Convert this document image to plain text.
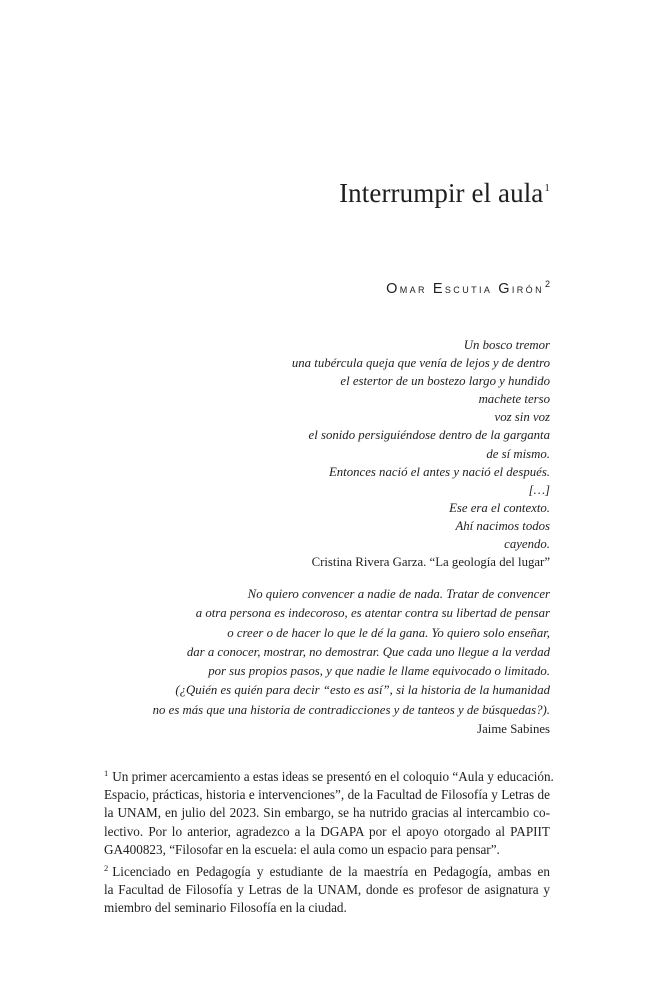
Interrumpir el aula$^1$
Omar Escutia Girón$^2$
Un bosco tremor
una tubércula queja que venía de lejos y de dentro
el estertor de un bostezo largo y hundido
machete terso
voz sin voz
el sonido persiguiéndose dentro de la garganta
de sí mismo.
Entonces nació el antes y nació el después.
[…]
Ese era el contexto.
Ahí nacimos todos
cayendo.
Cristina Rivera Garza. “La geología del lugar”
No quiero convencer a nadie de nada. Tratar de convencer
a otra persona es indecoroso, es atentar contra su libertad de pensar
o creer o de hacer lo que le dé la gana. Yo quiero solo enseñar,
dar a conocer, mostrar, no demostrar. Que cada uno llegue a la verdad
por sus propios pasos, y que nadie le llame equivocado o limitado.
(¿Quién es quién para decir “esto es así”, si la historia de la humanidad
no es más que una historia de contradicciones y de tanteos y de búsquedas?).
Jaime Sabines
$^1$ Un primer acercamiento a estas ideas se presentó en el coloquio “Aula y educación.
Espacio, prácticas, historia e intervenciones”, de la Facultad de Filosofía y Letras de
la UNAM, en julio del 2023. Sin embargo, se ha nutrido gracias al intercambio co-
lectivo. Por lo anterior, agradezco a la DGAPA por el apoyo otorgado al PAPIIT
GA400823, “Filosofar en la escuela: el aula como un espacio para pensar”.
$^2$ Licenciado en Pedagogía y estudiante de la maestría en Pedagogía, ambas en
la Facultad de Filosofía y Letras de la UNAM, donde es profesor de asignatura y
miembro del seminario Filosofía en la ciudad.
